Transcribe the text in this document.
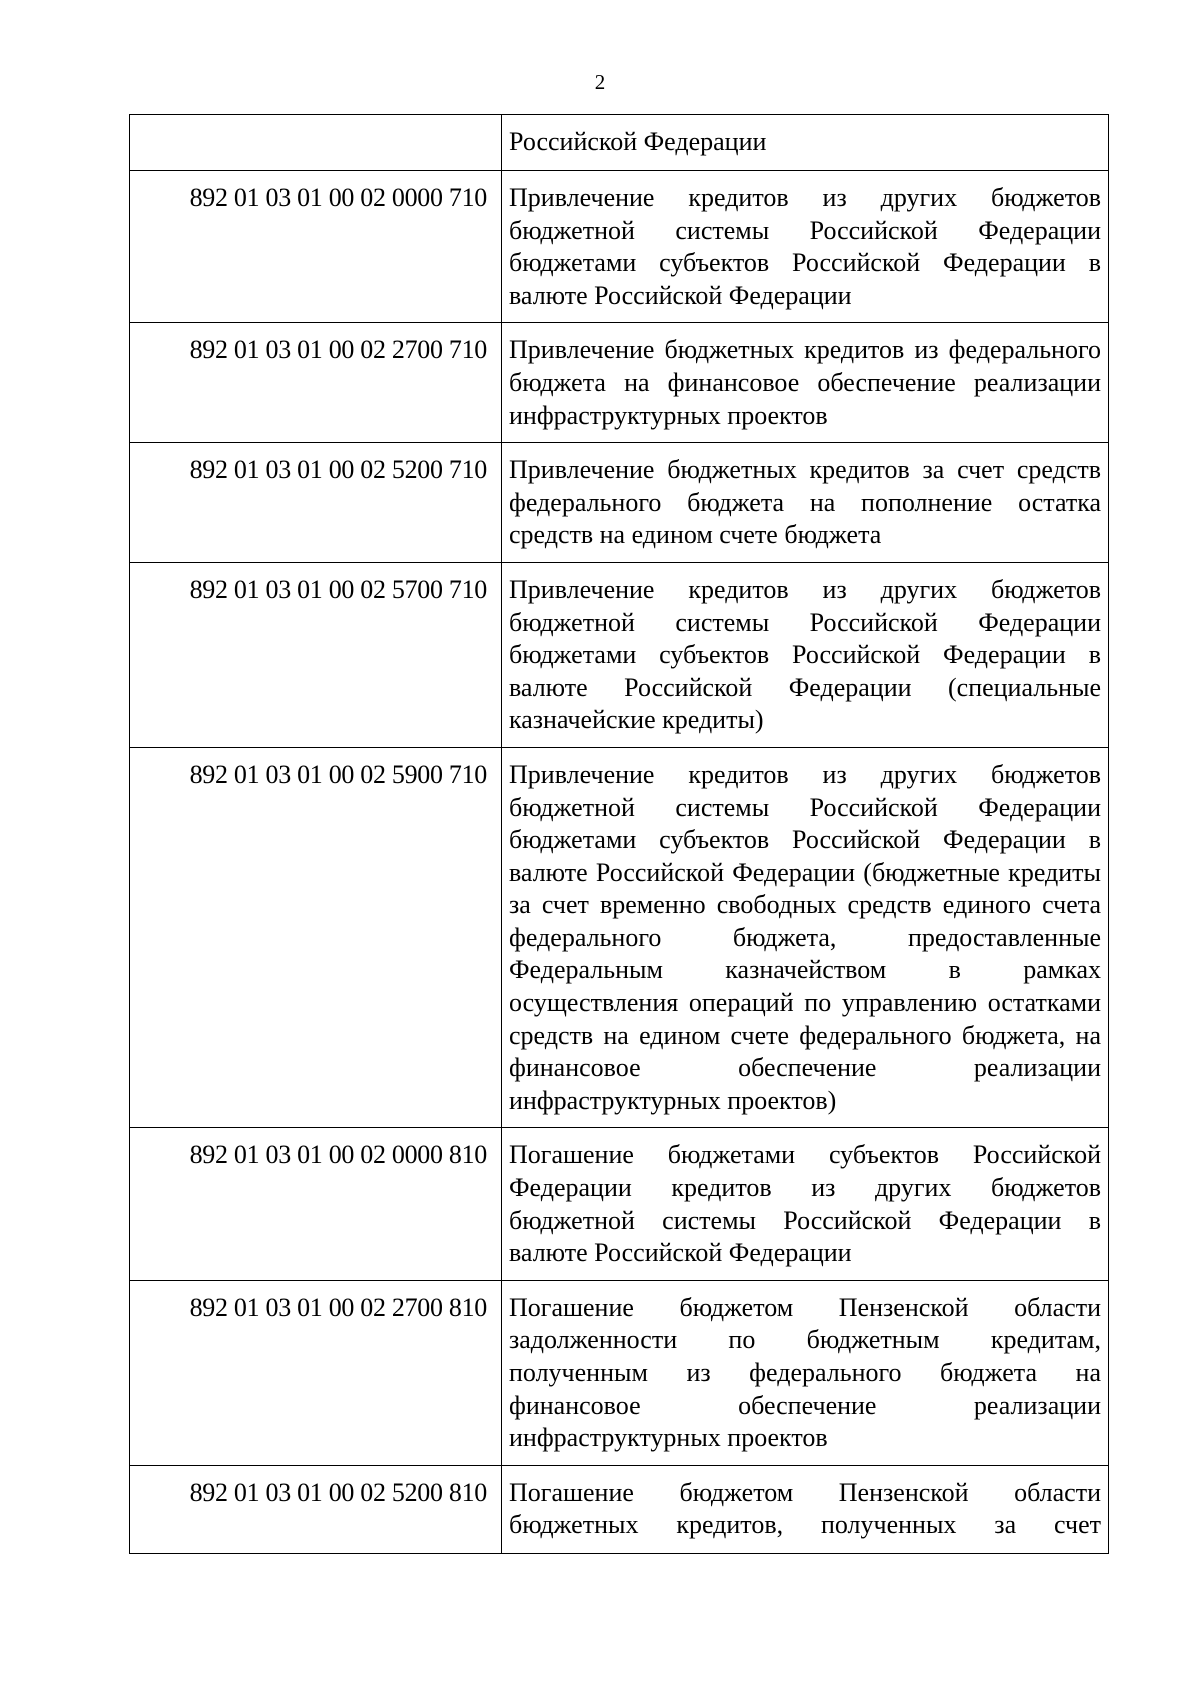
2
	Российской Федерации
892 01 03 01 00 02 0000 710	Привлечение кредитов из других бюджетов бюджетной системы Российской Федерации бюджетами субъектов Российской Федерации в валюте Российской Федерации
892 01 03 01 00 02 2700 710	Привлечение бюджетных кредитов из федерального бюджета на финансовое обеспечение реализации инфраструктурных проектов
892 01 03 01 00 02 5200 710	Привлечение бюджетных кредитов за счет средств федерального бюджета на пополнение остатка средств на едином счете бюджета
892 01 03 01 00 02 5700 710	Привлечение кредитов из других бюджетов бюджетной системы Российской Федерации бюджетами субъектов Российской Федерации в валюте Российской Федерации (специальные казначейские кредиты)
892 01 03 01 00 02 5900 710	Привлечение кредитов из других бюджетов бюджетной системы Российской Федерации бюджетами субъектов Российской Федерации в валюте Российской Федерации (бюджетные кредиты за счет временно свободных средств единого счета федерального бюджета, предоставленные Федеральным казначейством в рамках осуществления операций по управлению остатками средств на едином счете федерального бюджета, на финансовое обеспечение реализации инфраструктурных проектов)
892 01 03 01 00 02 0000 810	Погашение бюджетами субъектов Российской Федерации кредитов из других бюджетов бюджетной системы Российской Федерации в валюте Российской Федерации
892 01 03 01 00 02 2700 810	Погашение бюджетом Пензенской области задолженности по бюджетным кредитам, полученным из федерального бюджета на финансовое обеспечение реализации инфраструктурных проектов
892 01 03 01 00 02 5200 810	Погашение бюджетом Пензенской области бюджетных кредитов, полученных за счет
